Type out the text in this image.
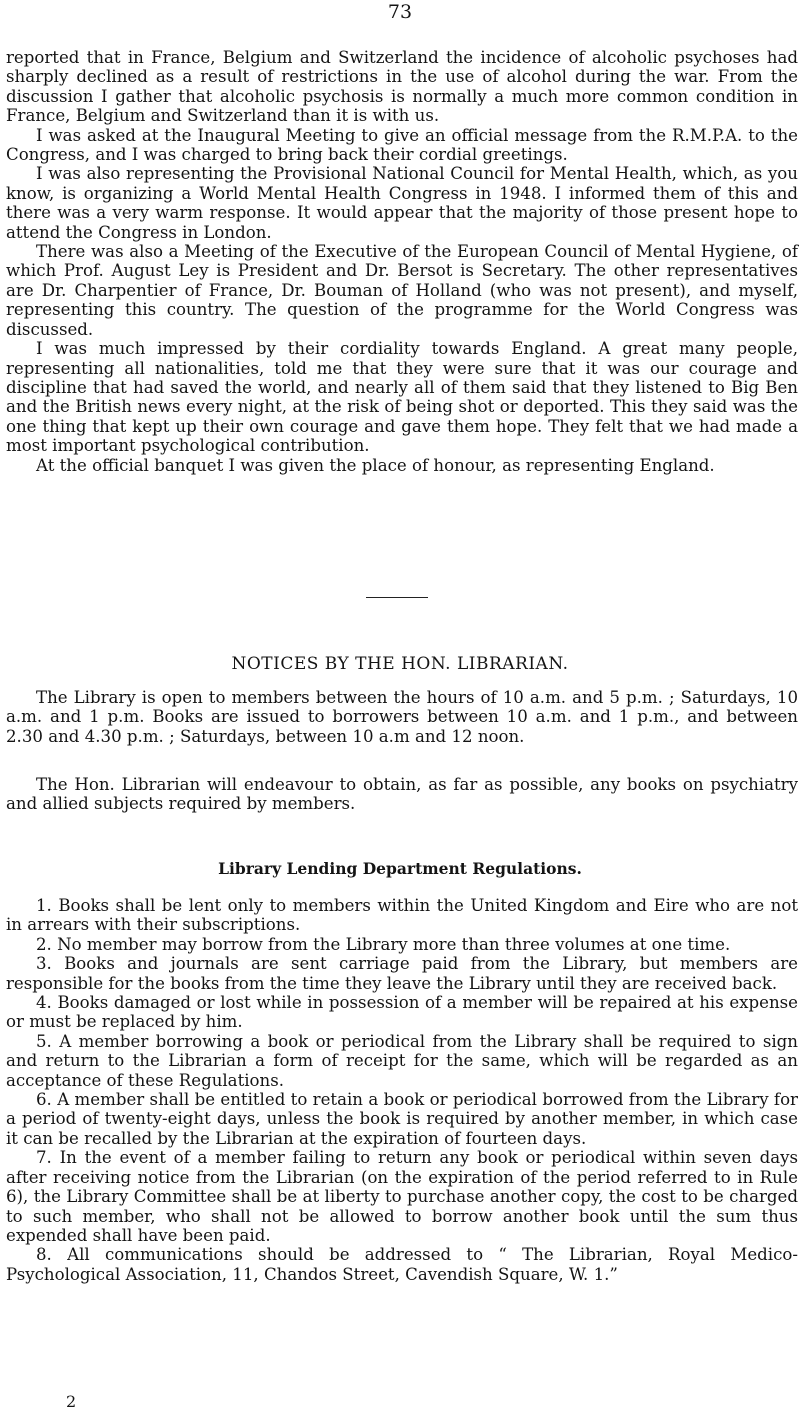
73

reported that in France, Belgium and Switzerland the incidence of alcoholic psychoses had sharply declined as a result of restrictions in the use of alcohol during the war. From the discussion I gather that alcoholic psychosis is normally a much more common condition in France, Belgium and Switzerland than it is with us.

I was asked at the Inaugural Meeting to give an official message from the R.M.P.A. to the Congress, and I was charged to bring back their cordial greetings.

I was also representing the Provisional National Council for Mental Health, which, as you know, is organizing a World Mental Health Congress in 1948. I informed them of this and there was a very warm response. It would appear that the majority of those present hope to attend the Congress in London.

There was also a Meeting of the Executive of the European Council of Mental Hygiene, of which Prof. August Ley is President and Dr. Bersot is Secretary. The other representatives are Dr. Charpentier of France, Dr. Bouman of Holland (who was not present), and myself, representing this country. The question of the programme for the World Congress was discussed.

I was much impressed by their cordiality towards England. A great many people, representing all nationalities, told me that they were sure that it was our courage and discipline that had saved the world, and nearly all of them said that they listened to Big Ben and the British news every night, at the risk of being shot or deported. This they said was the one thing that kept up their own courage and gave them hope. They felt that we had made a most important psychological contribution.

At the official banquet I was given the place of honour, as representing England.

NOTICES BY THE HON. LIBRARIAN.

The Library is open to members between the hours of 10 a.m. and 5 p.m. ; Saturdays, 10 a.m. and 1 p.m. Books are issued to borrowers between 10 a.m. and 1 p.m., and between 2.30 and 4.30 p.m. ; Saturdays, between 10 a.m and 12 noon.

The Hon. Librarian will endeavour to obtain, as far as possible, any books on psychiatry and allied subjects required by members.

Library Lending Department Regulations.

1. Books shall be lent only to members within the United Kingdom and Eire who are not in arrears with their subscriptions.

2. No member may borrow from the Library more than three volumes at one time.

3. Books and journals are sent carriage paid from the Library, but members are responsible for the books from the time they leave the Library until they are received back.

4. Books damaged or lost while in possession of a member will be repaired at his expense or must be replaced by him.

5. A member borrowing a book or periodical from the Library shall be required to sign and return to the Librarian a form of receipt for the same, which will be regarded as an acceptance of these Regulations.

6. A member shall be entitled to retain a book or periodical borrowed from the Library for a period of twenty-eight days, unless the book is required by another member, in which case it can be recalled by the Librarian at the expiration of fourteen days.

7. In the event of a member failing to return any book or periodical within seven days after receiving notice from the Librarian (on the expiration of the period referred to in Rule 6), the Library Committee shall be at liberty to purchase another copy, the cost to be charged to such member, who shall not be allowed to borrow another book until the sum thus expended shall have been paid.

8. All communications should be addressed to “ The Librarian, Royal Medico-Psychological Association, 11, Chandos Street, Cavendish Square, W. 1.”

2
